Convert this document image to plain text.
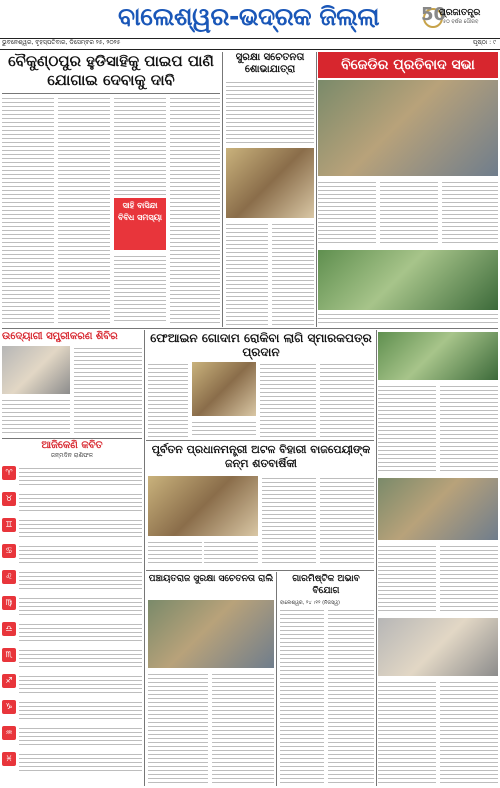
ବାଲେଶ୍ୱର-ଭଦ୍ରକ ଜିଲ୍ଲା 50
ପ୍ରଜାତନ୍ତ୍ର
୫୦ ବର୍ଷର ଗୌରବ
ଭୁବନେଶ୍ୱର, ବୃହସ୍ପତିବାର, ଡିସେମ୍ବର ୨୫, ୨୦୨୫	ପୃଷ୍ଠା : ୯
ବୈକୁଣ୍ଠପୁର ହୁଡିସାହିକୁ ପାଇପ ପାଣି ଯୋଗାଇ ଦେବାକୁ ଦାବି
ସାହି ବାସିନ୍ଦା ବିବିଧ ସମସ୍ୟା
ସୁରକ୍ଷା ସଚେତନତା ଶୋଭାଯାତ୍ରା	ବିଜେଡିର ପ୍ରତିବାଦ ସଭା
ଉଦ୍ୟୋଗୀ ସମ୍ପ୍ରୀକରଣ ଶିବିର	ଫେଆଇନ ଗୋଦାମ ରୋକିବା ଲାଗି ସ୍ମାରକପତ୍ର ପ୍ରଦାନ
ଆଜିକେଣି କବିତ
ଜନ୍ମଦିନ ରାଶିଫଳ
♈
♉
♊
♋
♌
♍
♎
♏
♐
♑
♒
♓
ପୂର୍ବତନ ପ୍ରଧାନମନ୍ତ୍ରୀ ଅଟଳ ବିହାରୀ ବାଜପେୟୀଙ୍କ ଜନ୍ମ ଶତବାର୍ଷିକୀ
ପଞ୍ଚାୟତରାଜ ସୁରକ୍ଷା ସଚେତନତା ରାଲି	ଗାରମିଷ୍ଟିକ ଅଭାବ ବିଯୋଗ
ବାଲେଶ୍ୱର, ୨୪ ।୧୨ (ନିଜସ୍ୱ)
